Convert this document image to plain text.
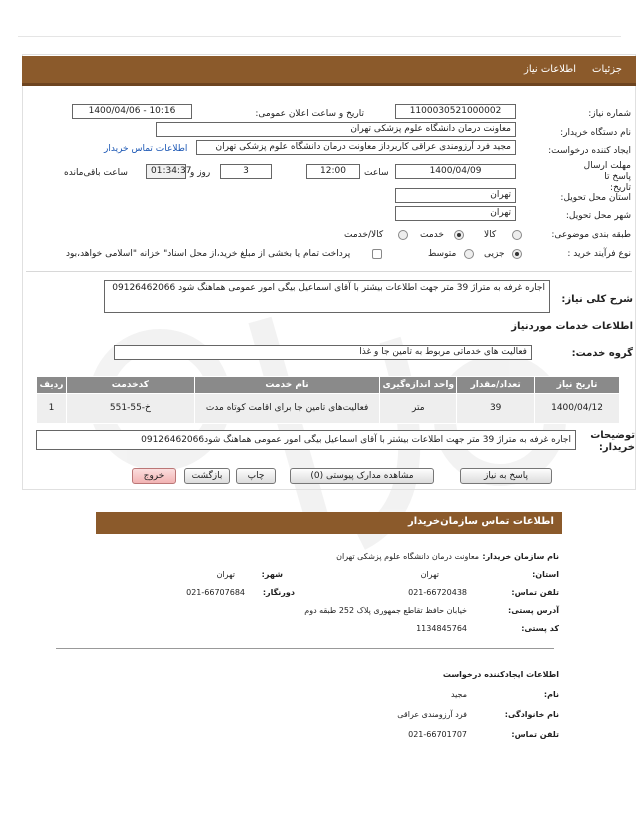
جزئیات
اطلاعات نیاز
شماره نیاز:
1100030521000002
تاریخ و ساعت اعلان عمومی:
1400/04/06 - 10:16
نام دستگاه خریدار:
معاونت درمان دانشگاه علوم پزشکی تهران
ایجاد کننده درخواست:
مجید فرد آرزومندی عراقی کاربرداز معاونت درمان دانشگاه علوم پزشکی تهران
اطلاعات تماس خریدار
مهلت ارسال پاسخ تا تاریخ:
1400/04/09
ساعت
12:00
3
روز و
01:34:37
ساعت باقی‌مانده
استان محل تحویل:
تهران
شهر محل تحویل:
تهران
طبقه بندی موضوعی:
کالا
خدمت
کالا/خدمت
نوع فرآیند خرید :
جزیی
متوسط
پرداخت تمام یا بخشی از مبلغ خرید،از محل اسناد" خزانه "اسلامی خواهد،بود
شرح کلی نیاز:
اجاره غرفه به متراژ 39 متر جهت اطلاعات بیشتر با آقای اسماعیل بیگی امور عمومی هماهنگ شود 09126462066
اطلاعات خدمات موردنیاز
گروه خدمت:
فعالیت های خدماتی مربوط به تامین جا و غذا
تاریخ نیاز	تعداد/مقدار	واحد اندازه‌گیری	نام خدمت	کدخدمت	ردیف
1400/04/12	39	متر	فعالیت‌های تامین جا برای اقامت کوتاه مدت	خ-55-551	1
توضیحات خریدار:
اجاره غرفه به متراژ 39 متر جهت اطلاعات بیشتر با آقای اسماعیل بیگی امور عمومی هماهنگ شود09126462066
پاسخ به نیاز
مشاهده مدارک پیوستی (0)
چاپ
بازگشت
خروج
اطلاعات تماس سازمان‌خریدار
نام سازمان خریدار:
معاونت درمان دانشگاه علوم پزشکی تهران
استان:
تهران
شهر:
تهران
تلفن تماس:
021-66720438
دورنگار:
021-66707684
آدرس پستی:
خیابان حافظ تقاطع جمهوری پلاک 252 طبقه دوم
کد پستی:
1134845764
اطلاعات ایجادکننده درخواست
نام:
مجید
نام خانوادگی:
فرد آرزومندی عراقی
تلفن تماس:
021-66701707
